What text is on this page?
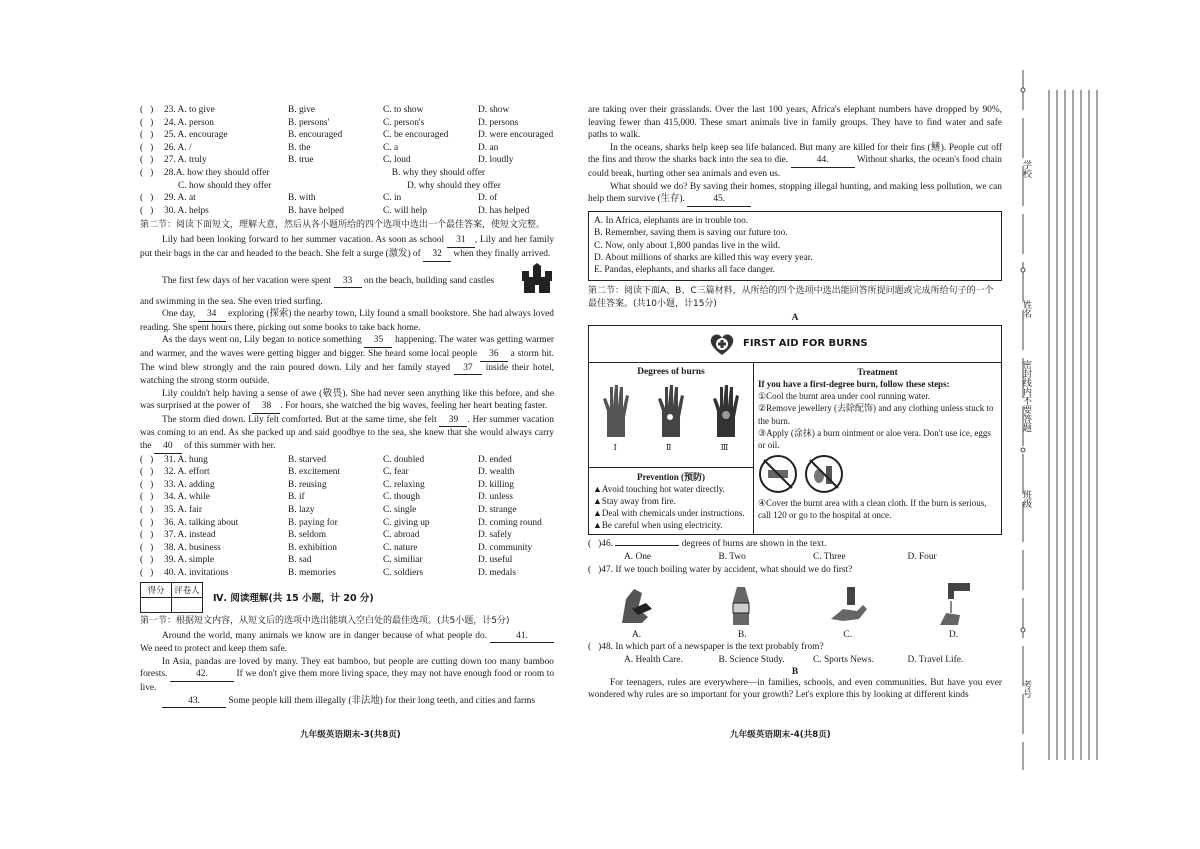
(   )	23. A. to give	B. give	C. to show	D. show
(   )	24. A. person	B. persons'	C. person's	D. persons
(   )	25. A. encourage	B. encouraged	C. be encouraged	D. were encouraged
(   )	26. A. /	B. the	C. a	D. an
(   )	27. A. truly	B. true	C. loud	D. loudly
(   )	28 . A. how they should offer	B. why they should offer
C. how should they offer	D. why should they offer
(   )	29. A. at	B. with	C. in	D. of
(   )	30. A. helps	B. have helped	C. will help	D. has helped
第二节：阅读下面短文，理解大意，然后从各小题所给的四个选项中选出一个最佳答案，使短文完整。

Lily had been looking forward to her summer vacation. As soon as school 31 , Lily and her family put their bags in the car and headed to the beach. She felt a surge (激发) of 32 when they finally arrived.

The first few days of her vacation were spent 33 on the beach, building sand castles

and swimming in the sea. She even tried surfing.

One day, 34 exploring (探索) the nearby town, Lily found a small bookstore. She had always loved reading. She spent hours there, picking out some books to take back home.

As the days went on, Lily began to notice something 35 happening. The water was getting warmer and warmer, and the waves were getting bigger and bigger. She heard some local people 36 a storm hit. The wind blew strongly and the rain poured down. Lily and her family stayed 37 inside their hotel, watching the strong storm outside.

Lily couldn't help having a sense of awe (敬畏). She had never seen anything like this before, and she was surprised at the power of 38 . For hours, she watched the big waves, feeling her heart beating faster.

The storm died down. Lily felt comforted. But at the same time, she felt 39 . Her summer vacation was coming to an end. As she packed up and said goodbye to the sea, she knew that she would always carry the 40 of this summer with her.

(   )	31. A. hung	B. starved	C. doubled	D. ended
(   )	32. A. effort	B. excitement	C. fear	D. wealth
(   )	33. A. adding	B. reusing	C. relaxing	D. killing
(   )	34. A. while	B. if	C. though	D. unless
(   )	35. A. fair	B. lazy	C. single	D. strange
(   )	36. A. talking about	B. paying for	C. giving up	D. coming round
(   )	37. A. instead	B. seldom	C. abroad	D. safely
(   )	38. A. business	B. exhibition	C. nature	D. community
(   )	39. A. simple	B. sad	C. similiar	D. useful
(   )	40. A. invitations	B. memories	C. soldiers	D. medals
得分	评卷人

Ⅳ. 阅读理解(共 15 小题，计 20 分)
第一节：根据短文内容，从短文后的选项中选出能填入空白处的最佳选项。(共5小题，计5分)

Around the world, many animals we know are in danger because of what people do.	41. We need to protect and keep them safe.

In Asia, pandas are loved by many. They eat bamboo, but people are cutting down too many bamboo forests.	42.	If we don't give them more living space, they may not have enough food or room to live.

43.	Some people kill them illegally (非法地) for their long teeth, and cities and farms

九年级英语期末-3(共8页)

are taking over their grasslands. Over the last 100 years, Africa's elephant numbers have dropped by 90%, leaving fewer than 415,000. These smart animals live in family groups. They have to find water and safe paths to walk.

In the oceans, sharks help keep sea life balanced. But many are killed for their fins (鳍). People cut off the fins and throw the sharks back into the sea to die.	44.	Without sharks, the ocean's food chain could break, hurting other sea animals and even us.

What should we do? By saving their homes, stopping illegal hunting, and making less pollution, we can help them survive (生存).	45.

A. In Africa, elephants are in trouble too.
B. Remember, saving them is saving our future too.
C. Now, only about 1,800 pandas live in the wild.
D. About millions of sharks are killed this way every year.
E. Pandas, elephants, and sharks all face danger.
第二节：阅读下面A、B、C三篇材料，从所给的四个选项中选出能回答所提问题或完成所给句子的一个最佳答案。(共10小题，计15分)
A
FIRST AID FOR BURNS
Degrees of burns
Ⅰ	Ⅱ	Ⅲ
Prevention (预防)
▲Avoid touching hot water directly.
▲Stay away from fire.
▲Deal with chemicals under instructions.
▲Be careful when using electricity.
Treatment
If you have a first-degree burn, follow these steps:
①Cool the burnt area under cool running water.
②Remove jewellery (去除配饰) and any clothing unless stuck to the burn.
③Apply (涂抹) a burn ointment or aloe vera. Don't use ice, eggs or oil.
④Cover the burnt area with a clean cloth. If the burn is serious, call 120 or go to the hospital at once.
(   )46.	degrees of burns are shown in the text.
A. One	B. Two	C. Three	D. Four
(   )47. If we touch boiling water by accident, what should we do first?
A.	B.	C.	D.
(   )48. In which part of a newspaper is the text probably from?
A. Health Care.	B. Science Study.	C. Sports News.	D. Travel Life.
B

For teenagers, rules are everywhere—in families, schools, and even communities. But have you ever wondered why rules are so important for your growth? Let's explore this by looking at different kinds

九年级英语期末-4(共8页)
学校
姓名
密封线内不要答题
班级
考号
